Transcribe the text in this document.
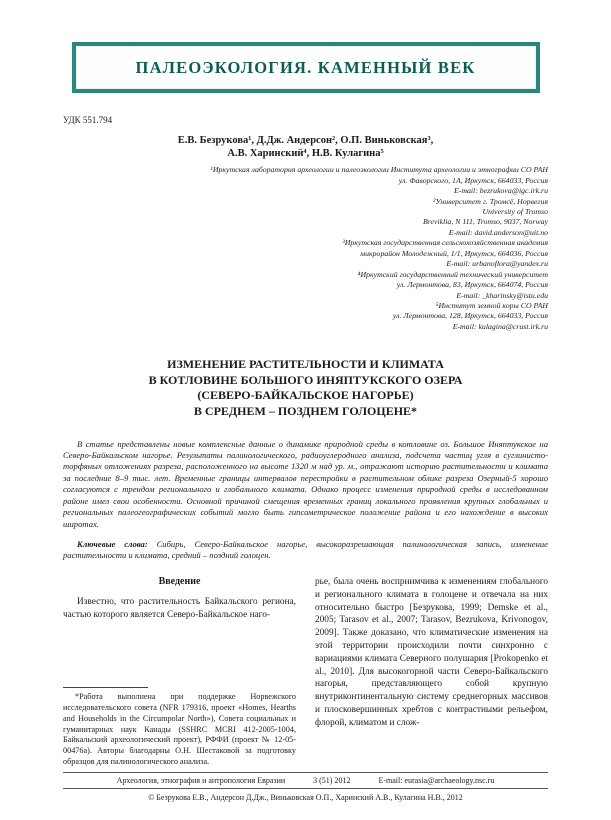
ПАЛЕОЭКОЛОГИЯ. КАМЕННЫЙ ВЕК
УДК 551.794
Е.В. Безрукова¹, Д.Дж. Андерсон², О.П. Виньковская³,
А.В. Харинский⁴, Н.В. Кулагина⁵
¹Иркутская лаборатория археологии и палеоэкологии Института археологии и этнографии СО РАН
ул. Фаворского, 1А, Иркутск, 664033, Россия
E-mail: bezrukova@igc.irk.ru
²Университет г. Тромсё, Норвегия
University of Tromso
Breviklia, N 111, Tromso, 9037, Norway
E-mail: david.anderson@uit.no
³Иркутская государственная сельскохозяйственная академия
микрорайон Молодежный, 1/1, Иркутск, 664036, Россия
E-mail: urbanoflora@yandex.ru
⁴Иркутский государственный технический университет
ул. Лермонтова, 83, Иркутск, 664074, Россия
E-mail: _kharinsky@istu.edu
⁵Институт земной коры СО РАН
ул. Лермонтова, 128, Иркутск, 664033, Россия
E-mail: kulagina@crust.irk.ru
ИЗМЕНЕНИЕ РАСТИТЕЛЬНОСТИ И КЛИМАТА
В КОТЛОВИНЕ БОЛЬШОГО ИНЯПТУКСКОГО ОЗЕРА
(СЕВЕРО-БАЙКАЛЬСКОЕ НАГОРЬЕ)
В СРЕДНЕМ – ПОЗДНЕМ ГОЛОЦЕНЕ*
В статье представлены новые комплексные данные о динамике природной среды в котловине оз. Большое Иняптукское на Северо-Байкальском нагорье. Результаты палинологического, радиоуглеродного анализа, подсчета частиц угля в суглинисто-торфяных отложениях разреза, расположенного на высоте 1320 м над ур. м., отражают историю растительности и климата за последние 8–9 тыс. лет. Временные границы интервалов перестройки в растительном облике разреза Озерный-5 хорошо согласуются с трендом регионального и глобального климата. Однако процесс изменения природной среды в исследованном районе имел свои особенности. Основной причиной смещения временных границ локального проявления крупных глобальных и региональных палеогеографических событий могло быть гипсометрическое положение района и его нахождение в высоких широтах.
Ключевые слова: Сибирь, Северо-Байкальское нагорье, высокоразрешающая палинологическая запись, изменение растительности и климата, средний – поздний голоцен.
Введение
Известно, что растительность Байкальского региона, частью которого является Северо-Байкальское наго-
*Работа выполнена при поддержке Норвежского исследовательского совета (NFR 179316, проект «Homes, Hearths and Households in the Circumpolar North»), Совета социальных и гуманитарных наук Канады (SSHRC MCRI 412-2005-1004, Байкальский археологический проект), РФФИ (проект № 12-05-00476а). Авторы благодарны О.Н. Шестаковой за подготовку образцов для палинологического анализа.
рье, была очень восприимчива к изменениям глобального и регионального климата в голоцене и отвечала на них относительно быстро [Безрукова, 1999; Demske et al., 2005; Tarasov et al., 2007; Tarasov, Bezrukova, Krivonogov, 2009]. Также доказано, что климатические изменения на этой территории происходили почти синхронно с вариациями климата Северного полушария [Prokopenko et al., 2010]. Для высокогорной части Северо-Байкальского нагорья, представляющего собой крупную внутриконтинентальную систему среднегорных массивов и плосковершинных хребтов с контрастными рельефом, флорой, климатом и слож-
Археология, этнография и антропология Евразии	3 (51) 2012	E-mail: eurasia@archaeology.nsc.ru
© Безрукова Е.В., Андерсон Д.Дж., Виньковская О.П., Харинский А.В., Кулагина Н.В., 2012
